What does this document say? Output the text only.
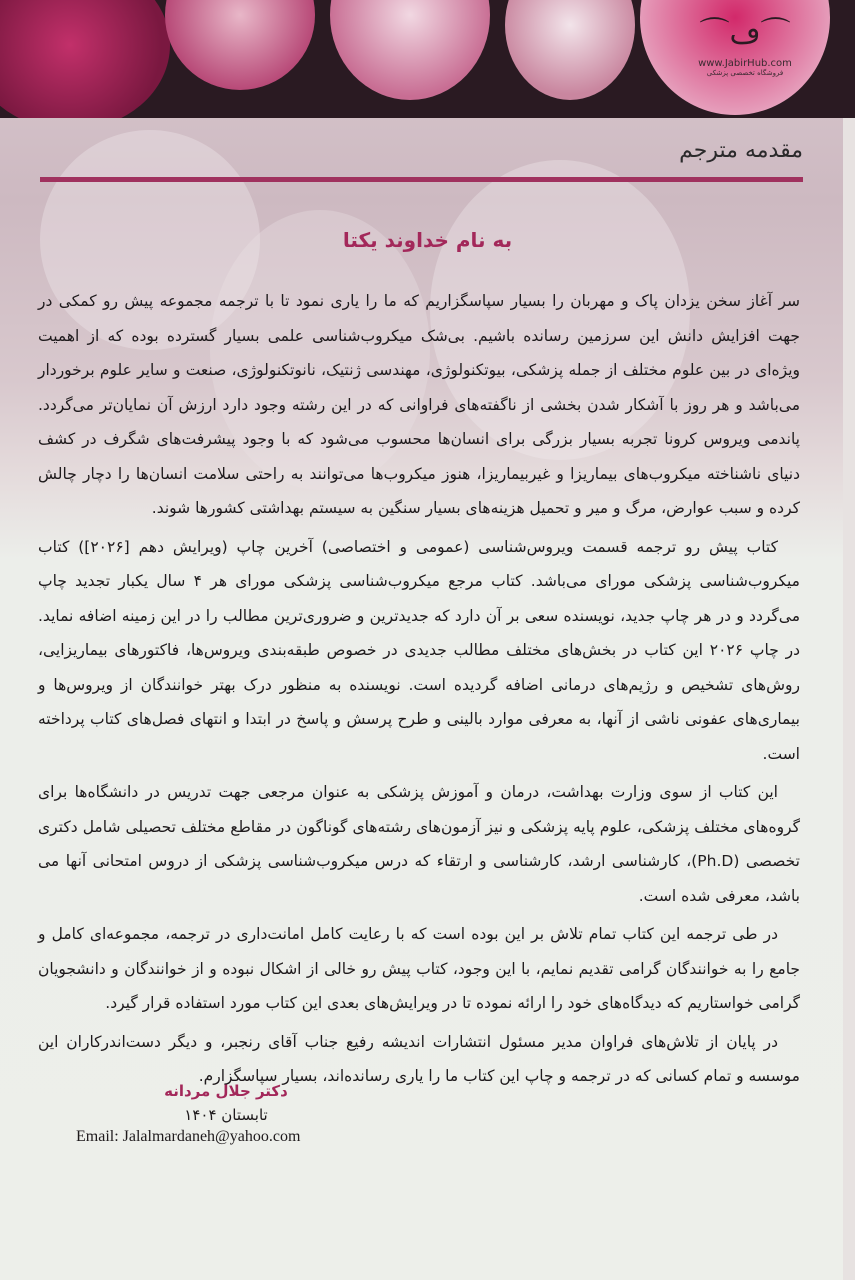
⌒ڡ⌒
www.JabirHub.com
فروشگاه تخصصی پزشکی
مقدمه مترجم
به نام خداوند یکتا

سر آغاز سخن یزدان پاک و مهربان را بسیار سپاسگزاریم که ما را یاری نمود تا با ترجمه مجموعه پیش رو کمکی در جهت افزایش دانش این سرزمین رسانده باشیم. بی‌شک میکروب‌شناسی علمی بسیار گسترده بوده که از اهمیت ویژه‌ای در بین علوم مختلف از جمله پزشکی، بیوتکنولوژی، مهندسی ژنتیک، نانوتکنولوژی، صنعت و سایر علوم برخوردار می‌باشد و هر روز با آشکار شدن بخشی از ناگفته‌های فراوانی که در این رشته وجود دارد ارزش آن نمایان‌تر می‌گردد. پاندمی ویروس کرونا تجربه بسیار بزرگی برای انسان‌ها محسوب می‌شود که با وجود پیشرفت‌های شگرف در کشف دنیای ناشناخته میکروب‌های بیماریزا و غیربیماریزا، هنوز میکروب‌ها می‌توانند به راحتی سلامت انسان‌ها را دچار چالش کرده و سبب عوارض، مرگ و میر و تحمیل هزینه‌های بسیار سنگین به سیستم بهداشتی کشورها شوند.

کتاب پیش رو ترجمه قسمت ویروس‌شناسی (عمومی و اختصاصی) آخرین چاپ (ویرایش دهم [۲۰۲۶]) کتاب میکروب‌شناسی پزشکی مورای می‌باشد. کتاب مرجع میکروب‌شناسی پزشکی مورای هر ۴ سال یکبار تجدید چاپ می‌گردد و در هر چاپ جدید، نویسنده سعی بر آن دارد که جدیدترین و ضروری‌ترین مطالب را در این زمینه اضافه نماید. در چاپ ۲۰۲۶ این کتاب در بخش‌های مختلف مطالب جدیدی در خصوص طبقه‌بندی ویروس‌ها، فاکتورهای بیماریزایی، روش‌های تشخیص و رژیم‌های درمانی اضافه گردیده است. نویسنده به منظور درک بهتر خوانندگان از ویروس‌ها و بیماری‌های عفونی ناشی از آنها، به معرفی موارد بالینی و طرح پرسش و پاسخ در ابتدا و انتهای فصل‌های کتاب پرداخته است.

این کتاب از سوی وزارت بهداشت، درمان و آموزش پزشکی به عنوان مرجعی جهت تدریس در دانشگاه‌ها برای گروه‌های مختلف پزشکی، علوم پایه پزشکی و نیز آزمون‌های رشته‌های گوناگون در مقاطع مختلف تحصیلی شامل دکتری تخصصی (Ph.D)، کارشناسی ارشد، کارشناسی و ارتقاء که درس میکروب‌شناسی پزشکی از دروس امتحانی آنها می باشد، معرفی شده است.

در طی ترجمه این کتاب تمام تلاش بر این بوده است که با رعایت کامل امانت‌داری در ترجمه، مجموعه‌ای کامل و جامع را به خوانندگان گرامی تقدیم نمایم، با این وجود، کتاب پیش رو خالی از اشکال نبوده و از خوانندگان و دانشجویان گرامی خواستاریم که دیدگاه‌های خود را ارائه نموده تا در ویرایش‌های بعدی این کتاب مورد استفاده قرار گیرد.

در پایان از تلاش‌های فراوان مدیر مسئول انتشارات اندیشه رفیع جناب آقای رنجبر، و دیگر دست‌اندرکاران این موسسه و تمام کسانی که در ترجمه و چاپ این کتاب ما را یاری رسانده‌اند، بسیار سپاسگزارم.

دکتر جلال مردانه
تابستان ۱۴۰۴
Email: Jalalmardaneh@yahoo.com
